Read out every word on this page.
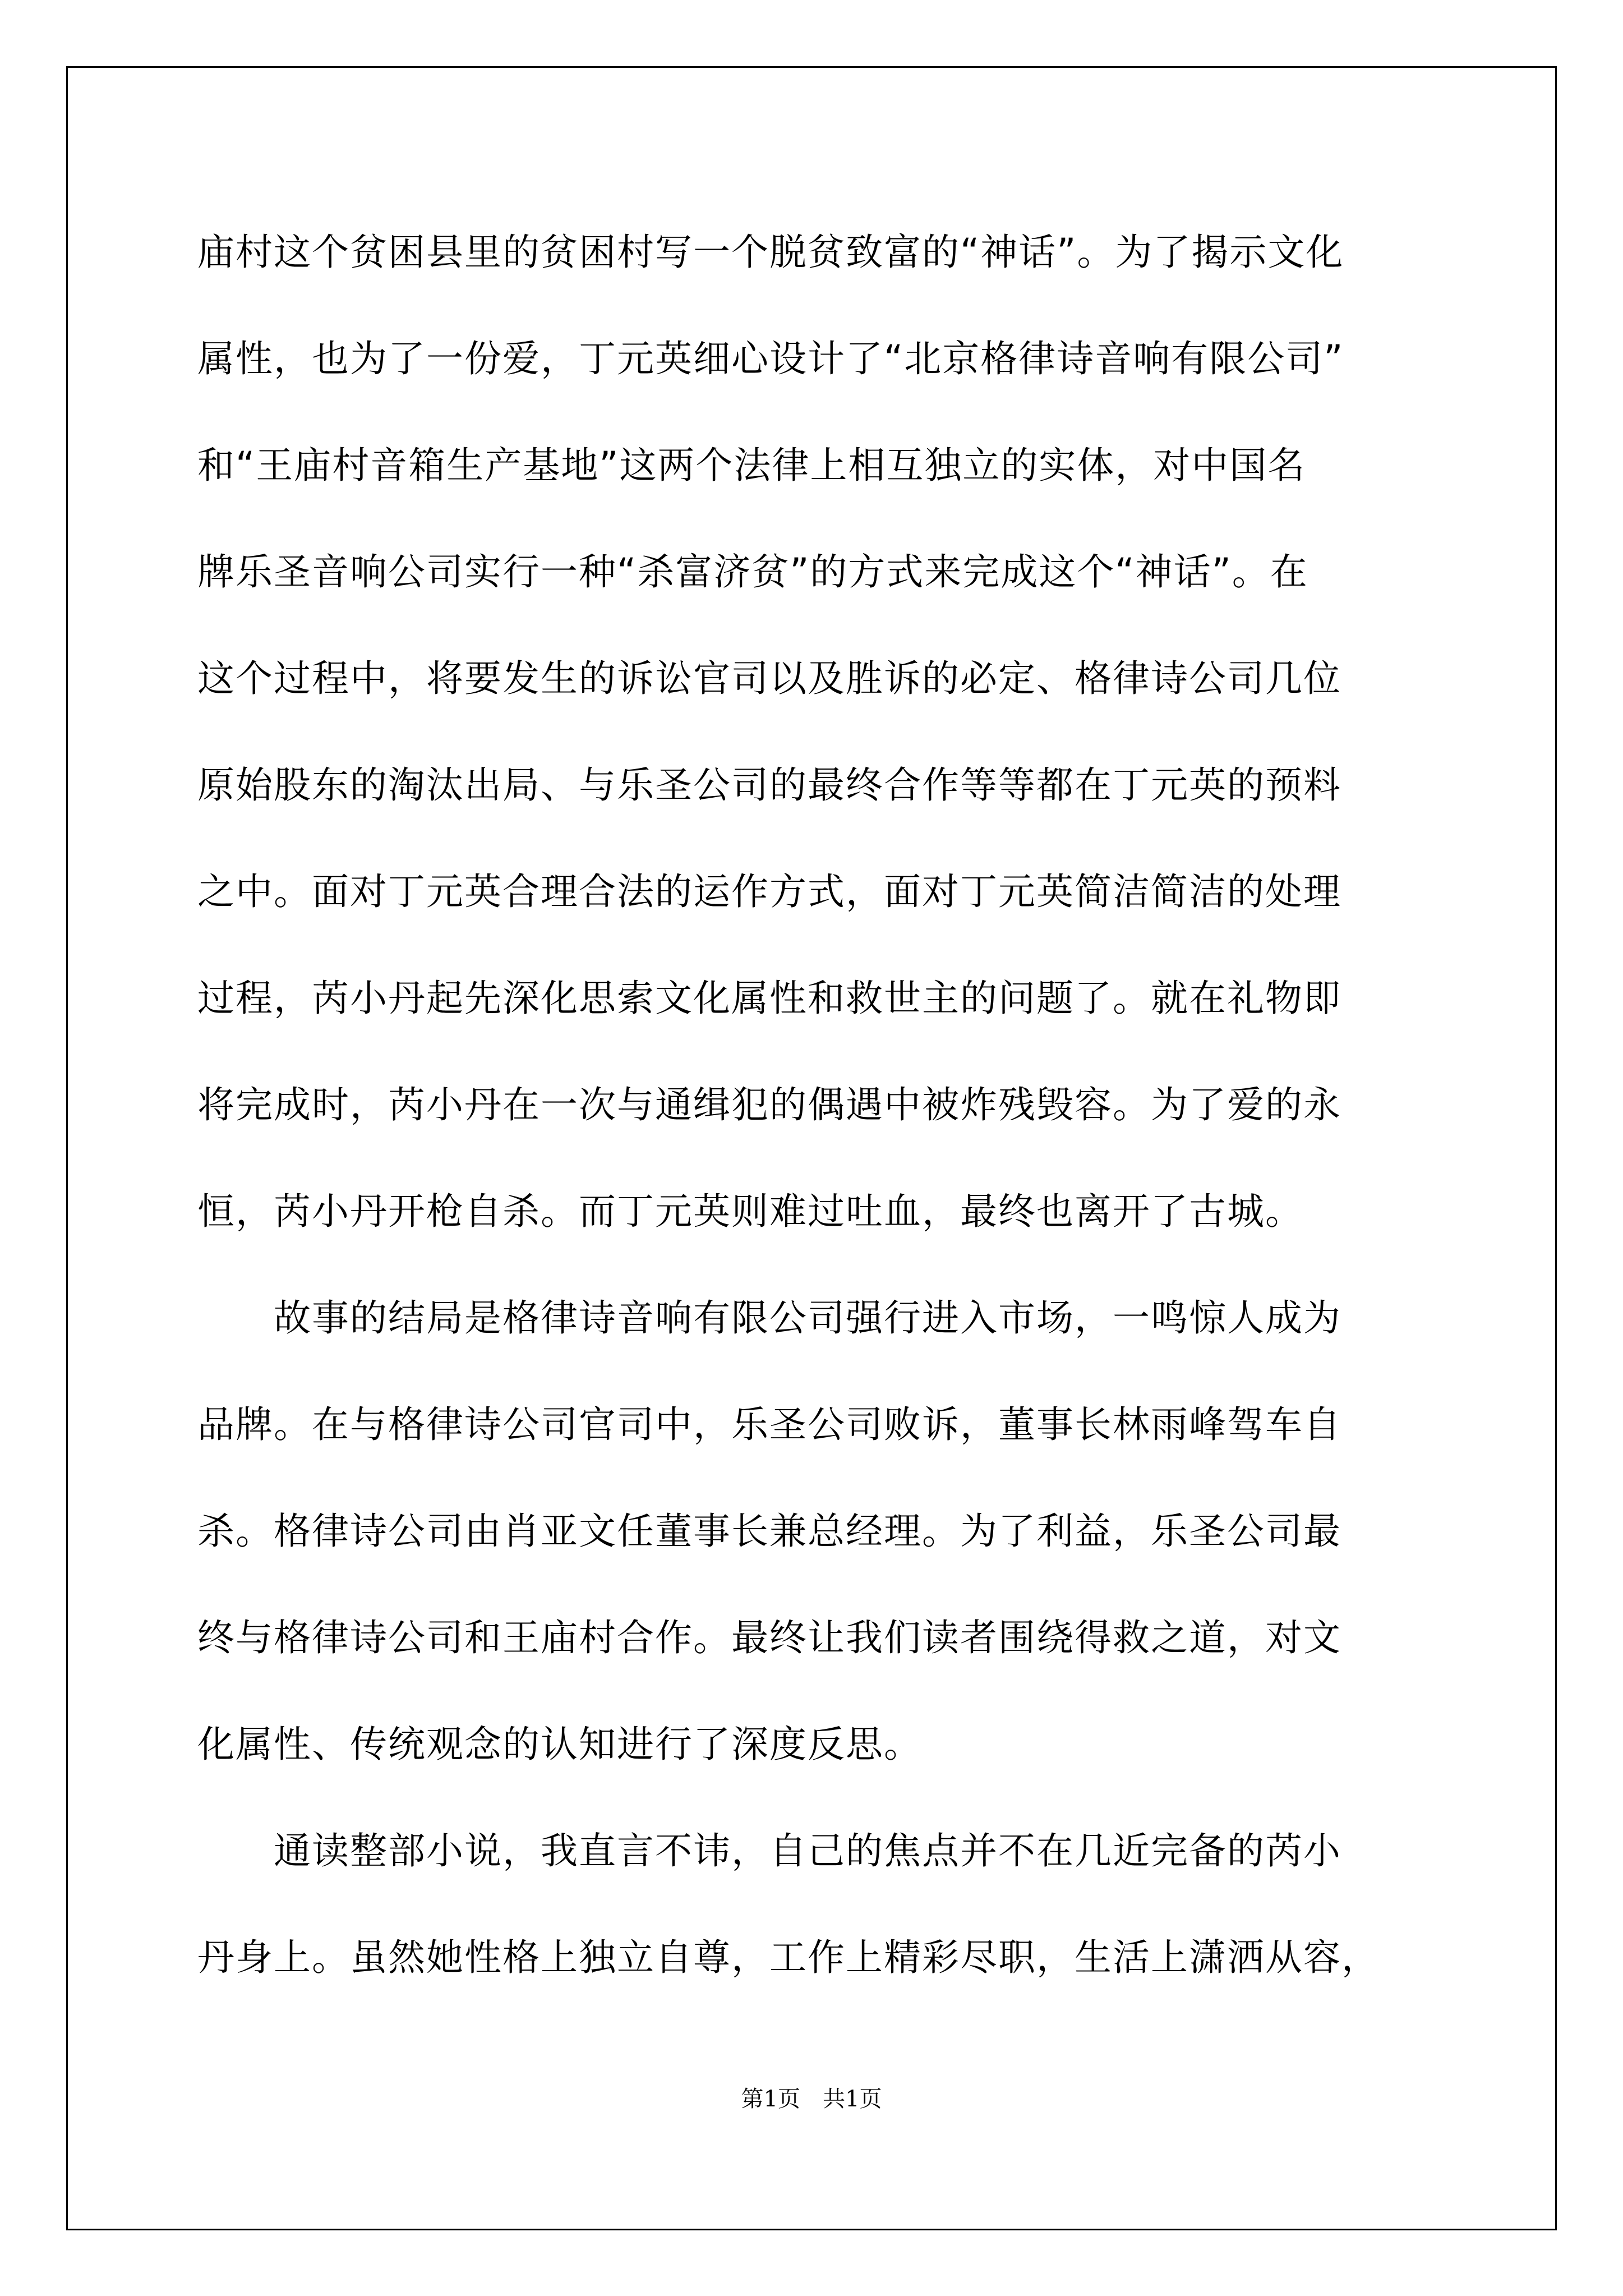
庙村这个贫困县里的贫困村写一个脱贫致富的“神话”。为了揭示文化
属性，也为了一份爱，丁元英细心设计了“北京格律诗音响有限公司”
和“王庙村音箱生产基地”这两个法律上相互独立的实体，对中国名
牌乐圣音响公司实行一种“杀富济贫”的方式来完成这个“神话”。在
这个过程中，将要发生的诉讼官司以及胜诉的必定、格律诗公司几位
原始股东的淘汰出局、与乐圣公司的最终合作等等都在丁元英的预料
之中。面对丁元英合理合法的运作方式，面对丁元英简洁简洁的处理
过程，芮小丹起先深化思索文化属性和救世主的问题了。就在礼物即
将完成时，芮小丹在一次与通缉犯的偶遇中被炸残毁容。为了爱的永
恒，芮小丹开枪自杀。而丁元英则难过吐血，最终也离开了古城。
　　故事的结局是格律诗音响有限公司强行进入市场，一鸣惊人成为
品牌。在与格律诗公司官司中，乐圣公司败诉，董事长林雨峰驾车自
杀。格律诗公司由肖亚文任董事长兼总经理。为了利益，乐圣公司最
终与格律诗公司和王庙村合作。最终让我们读者围绕得救之道，对文
化属性、传统观念的认知进行了深度反思。
　　通读整部小说，我直言不讳，自己的焦点并不在几近完备的芮小
丹身上。虽然她性格上独立自尊，工作上精彩尽职，生活上潇洒从容，
第1页　共1页
